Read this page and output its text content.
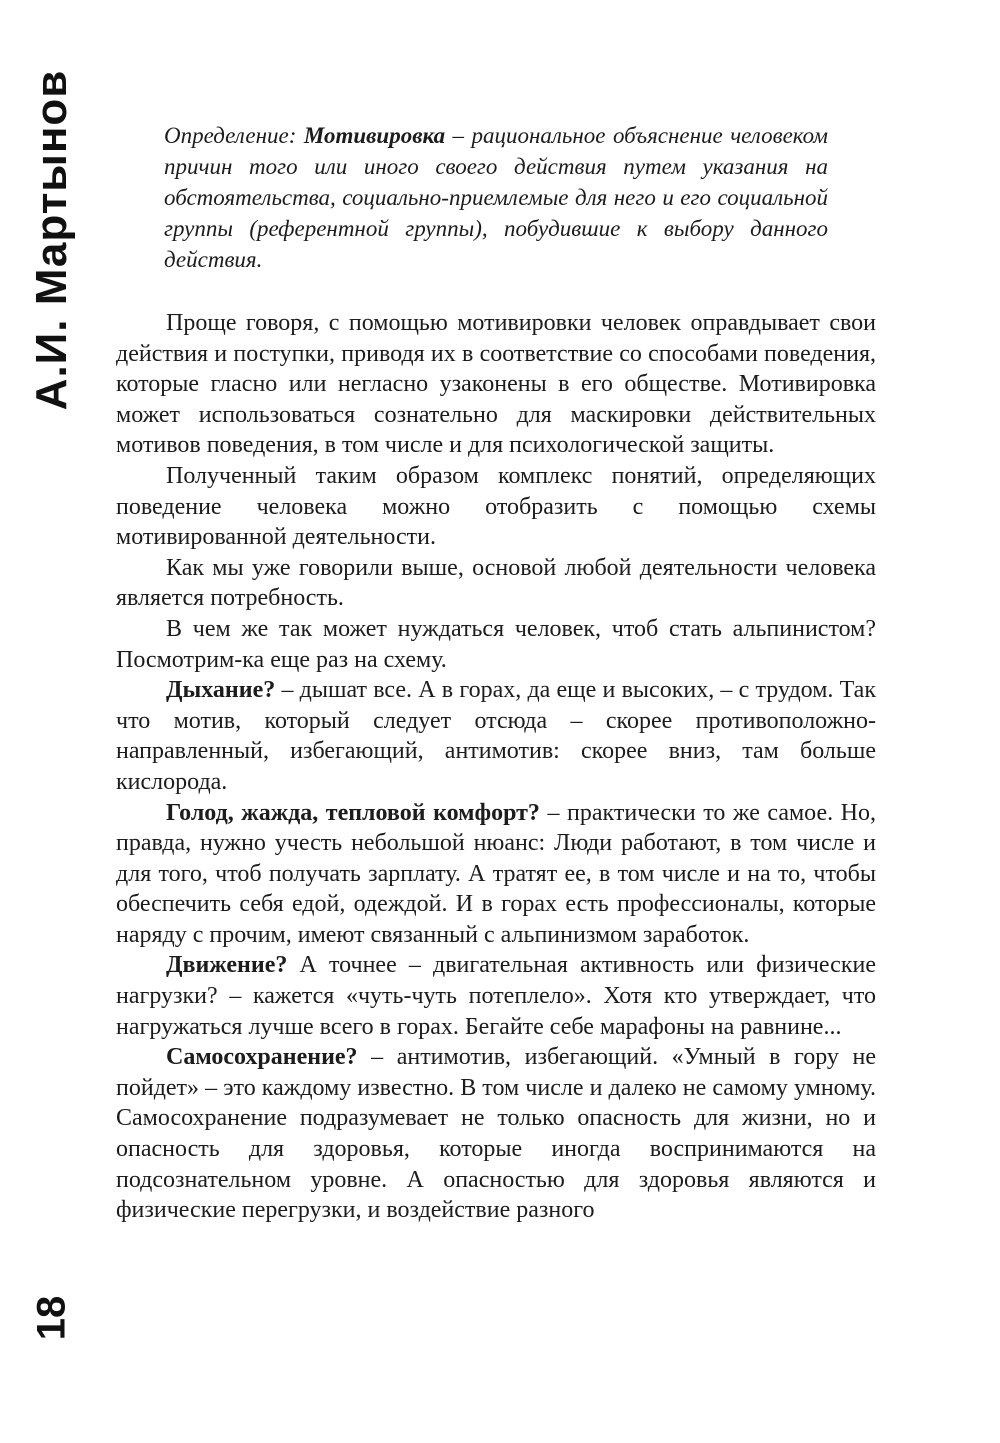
А.И. Мартынов
18

Определение: Мотивировка – рациональное объяснение человеком причин того или иного своего действия путем указания на обстоятельства, социально-приемлемые для него и его социальной группы (референтной группы), побудившие к выбору данного действия.

Проще говоря, с помощью мотивировки человек оправдывает свои действия и поступки, приводя их в соответствие со способами поведения, которые гласно или негласно узаконены в его обществе. Мотивировка может использоваться сознательно для маскировки действительных мотивов поведения, в том числе и для психологической защиты.

Полученный таким образом комплекс понятий, определяющих поведение человека можно отобразить с помощью схемы мотивированной деятельности.

Как мы уже говорили выше, основой любой деятельности человека является потребность.

В чем же так может нуждаться человек, чтоб стать альпинистом? Посмотрим-ка еще раз на схему.

Дыхание? – дышат все. А в горах, да еще и высоких, – с трудом. Так что мотив, который следует отсюда – скорее противоположно-направленный, избегающий, антимотив: скорее вниз, там больше кислорода.

Голод, жажда, тепловой комфорт? – практически то же самое. Но, правда, нужно учесть небольшой нюанс: Люди работают, в том числе и для того, чтоб получать зарплату. А тратят ее, в том числе и на то, чтобы обеспечить себя едой, одеждой. И в горах есть профессионалы, которые наряду с прочим, имеют связанный с альпинизмом заработок.

Движение? А точнее – двигательная активность или физические нагрузки? – кажется «чуть-чуть потеплело». Хотя кто утверждает, что нагружаться лучше всего в горах. Бегайте себе марафоны на равнине...

Самосохранение? – антимотив, избегающий. «Умный в гору не пойдет» – это каждому известно. В том числе и далеко не самому умному. Самосохранение подразумевает не только опасность для жизни, но и опасность для здоровья, которые иногда воспринимаются на подсознательном уровне. А опасностью для здоровья являются и физические перегрузки, и воздействие разного
